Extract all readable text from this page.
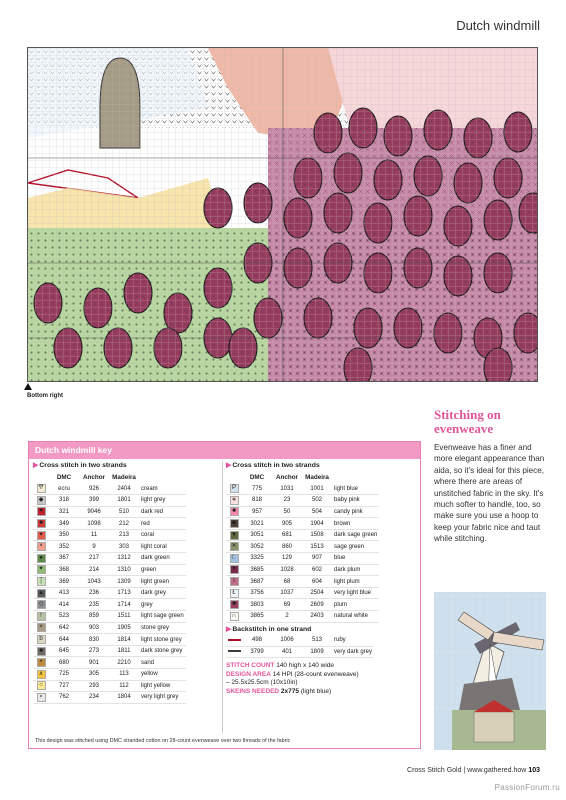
Dutch windmill
Bottom right
Stitching on
evenweave
Evenweave has a finer and more elegant appearance than aida, so it's ideal for this piece, where there are areas of unstitched fabric in the sky. It's much softer to handle, too, so make sure you use a hoop to keep your fabric nice and taut while stitching.
Dutch windmill key
▶ Cross stitch in two strands
	DMC	Anchor	Madeira	
Ͳ	ecru	926	2404	cream
◆	318	399	1801	light grey
♥	321	9046	510	dark red
■	349	1098	212	red
✦	350	11	213	coral
×	352	9	303	light coral
●	367	217	1312	dark green
✦	368	214	1310	green
⌠	369	1043	1309	light green
▲	413	236	1713	dark grey
◇	414	235	1714	grey
!	523	859	1511	light sage green
×	642	903	1905	stone grey
b	644	830	1814	light stone grey
■	645	273	1811	dark stone grey
•	680	901	2210	sand
∧	725	305	113	yellow
○	727	293	112	light yellow
∘	762	234	1804	very light grey
▶ Cross stitch in two strands
	DMC	Anchor	Madeira	
P	775	1031	1001	light blue
∗	818	23	502	baby pink
■	957	50	504	candy pink
◆	3021	905	1904	brown
▼	3051	681	1508	dark sage green
✕	3052	860	1513	sage green
☾	3325	129	907	blue
✦	3685	1028	602	dark plum
I	3687	68	604	light plum
Ł	3756	1037	2504	very light blue
■	3803	69	2609	plum
∩	3865	2	2403	natural white
▶ Backstitch in one strand
	498	1006	513	ruby
	3799	401	1809	very dark grey
STITCH COUNT 140 high x 140 wide
DESIGN AREA 14 HPI (28-count evenweave)
– 25.5x25.5cm (10x10in)
SKEINS NEEDED 2x775 (light blue)
This design was stitched using DMC stranded cotton on 28-count evenweave over two threads of the fabric
Cross Stitch Gold | www.gathered.how 103
PassionForum.ru
